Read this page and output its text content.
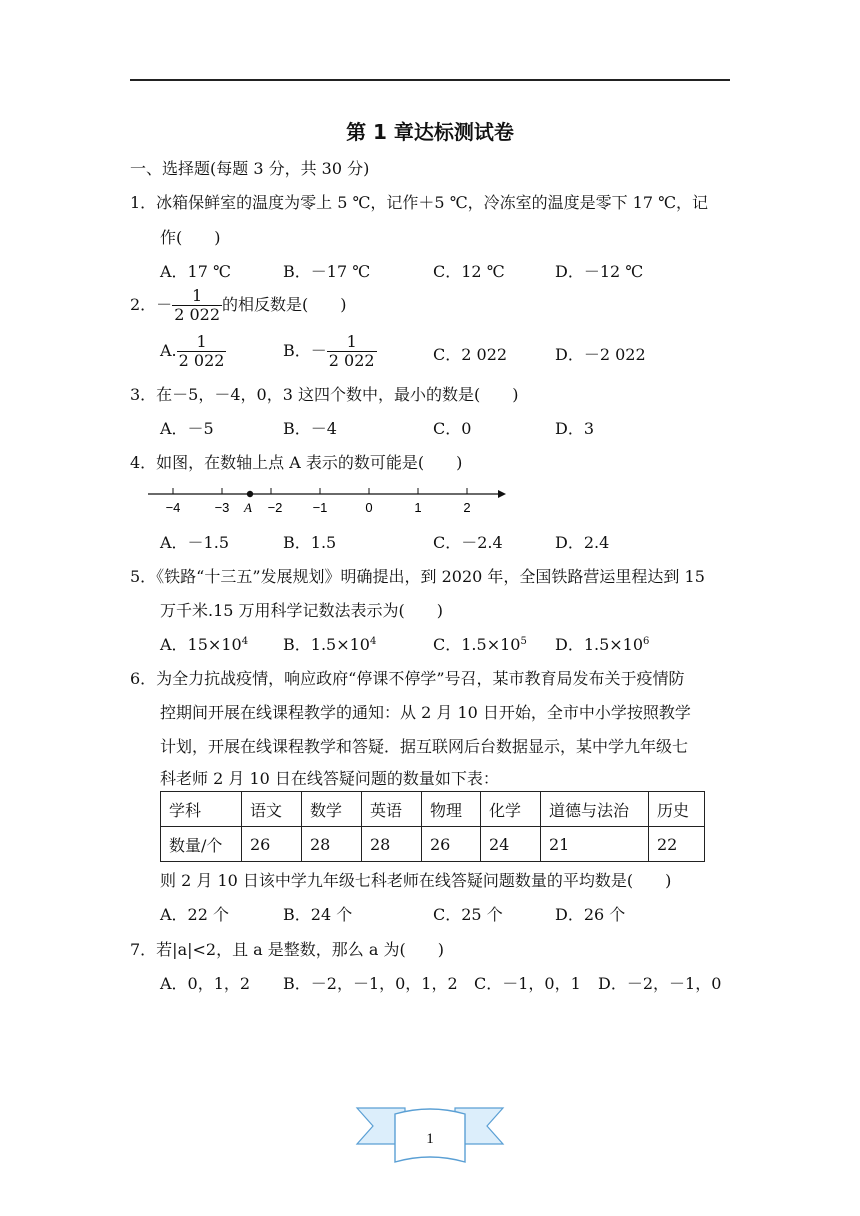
第 1 章达标测试卷
一、选择题(每题 3 分，共 30 分)
1．冰箱保鲜室的温度为零上 5 ℃，记作＋5 ℃，冷冻室的温度是零下 17 ℃，记
作(　　)
A．17 ℃	B．－17 ℃	C．12 ℃	D．－12 ℃
2．－ $\frac{1}{2 022}$ 的相反数是(　　)
A. $\frac{1}{2 022}$	B．－ $\frac{1}{2 022}$	C．2 022	D．－2 022
3．在－5，－4，0，3 这四个数中，最小的数是(　　)
A．－5	B．－4	C．0	D．3
4．如图，在数轴上点 A 表示的数可能是(　　)
−4	−3	−2 −1	0	1	2
A
A．－1.5	B．1.5	C．－2.4	D．2.4
5．《铁路“十三五”发展规划》明确提出，到 2020 年，全国铁路营运里程达到 15
万千米.15 万用科学记数法表示为(　　)
A．$15\times 10^4$ B．$1.5\times 10^4$	C．$1.5\times 10^5$ D．$1.5\times 10^6$
6．为全力抗战疫情，响应政府“停课不停学”号召，某市教育局发布关于疫情防
控期间开展在线课程教学的通知：从 2 月 10 日开始，全市中小学按照教学
计划，开展在线课程教学和答疑．据互联网后台数据显示，某中学九年级七
科老师 2 月 10 日在线答疑问题的数量如下表：
学科	语文	数学	英语	物理	化学	道德与法治	历史
数量/个	26	28	28	26	24	21	22
则 2 月 10 日该中学九年级七科老师在线答疑问题数量的平均数是(　　)
A．22 个	B．24 个	C．25 个	D．26 个
7．若|a|<2，且 a 是整数，那么 a 为(　　)
A．0，1，2 B．－2，－1，0，1，2 C．－1，0，1 D．－2，－1，0
1
